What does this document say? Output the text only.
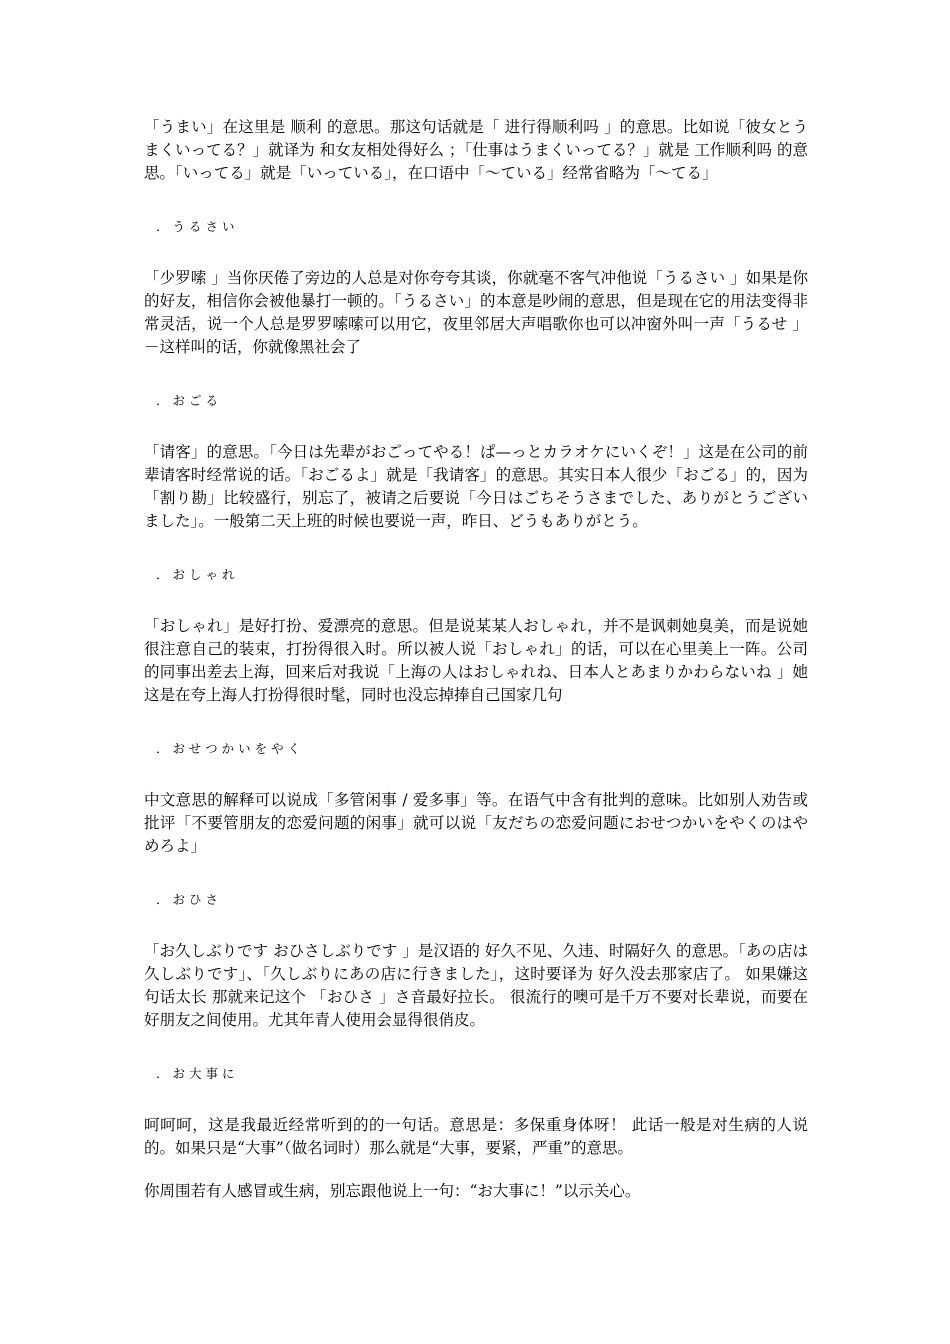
「うまい」在这里是 顺利 的意思。那这句话就是「 进行得顺利吗 」的意思。比如说「彼女とうまくいってる？」就译为 和女友相处得好么 ；「仕事はうまくいってる？」就是 工作顺利吗 的意思。「いってる」就是「いっている」，在口语中「～ている」经常省略为「～てる」

．うるさい

「少罗嗦 」当你厌倦了旁边的人总是对你夸夸其谈，你就毫不客气冲他说「うるさい 」如果是你的好友，相信你会被他暴打一顿的。「うるさい」的本意是吵闹的意思，但是现在它的用法变得非常灵活，说一个人总是罗罗嗦嗦可以用它，夜里邻居大声唱歌你也可以冲窗外叫一声「うるせ 」－这样叫的话，你就像黑社会了

．おごる

「请客」的意思。「今日は先辈がおごってやる！ぱ—っとカラオケにいくぞ！」这是在公司的前辈请客时经常说的话。「おごるよ」就是「我请客」的意思。其实日本人很少「おごる」的，因为「割り勘」比较盛行，别忘了，被请之后要说「今日はごちそうさまでした、ありがとうございました」。一般第二天上班的时候也要说一声，昨日、どうもありがとう。

．おしゃれ

「おしゃれ」是好打扮、爱漂亮的意思。但是说某某人おしゃれ，并不是讽刺她臭美，而是说她很注意自己的装束，打扮得很入时。所以被人说「おしゃれ」的话，可以在心里美上一阵。公司的同事出差去上海，回来后对我说「上海の人はおしゃれね、日本人とあまりかわらないね 」她这是在夸上海人打扮得很时髦，同时也没忘掉捧自己国家几句

．おせつかいをやく

中文意思的解释可以说成「多管闲事 / 爱多事」等。在语气中含有批判的意味。比如别人劝告或批评「不要管朋友的恋爱问题的闲事」就可以说「友だちの恋爱问题におせつかいをやくのはやめろよ」

．おひさ

「お久しぶりです おひさしぶりです 」是汉语的 好久不见、久违、时隔好久 的意思。「あの店は久しぶりです」、「久しぶりにあの店に行きました」，这时要译为 好久没去那家店了。 如果嫌这句话太长 那就来记这个 「おひさ 」さ音最好拉长。 很流行的噢可是千万不要对长辈说，而要在好朋友之间使用。尤其年青人使用会显得很俏皮。

．お大事に

呵呵呵，这是我最近经常听到的的一句话。意思是：多保重身体呀！ 此话一般是对生病的人说的。如果只是“大事”（做名词时）那么就是“大事，要紧，严重”的意思。

你周围若有人感冒或生病，别忘跟他说上一句：“お大事に！”以示关心。
